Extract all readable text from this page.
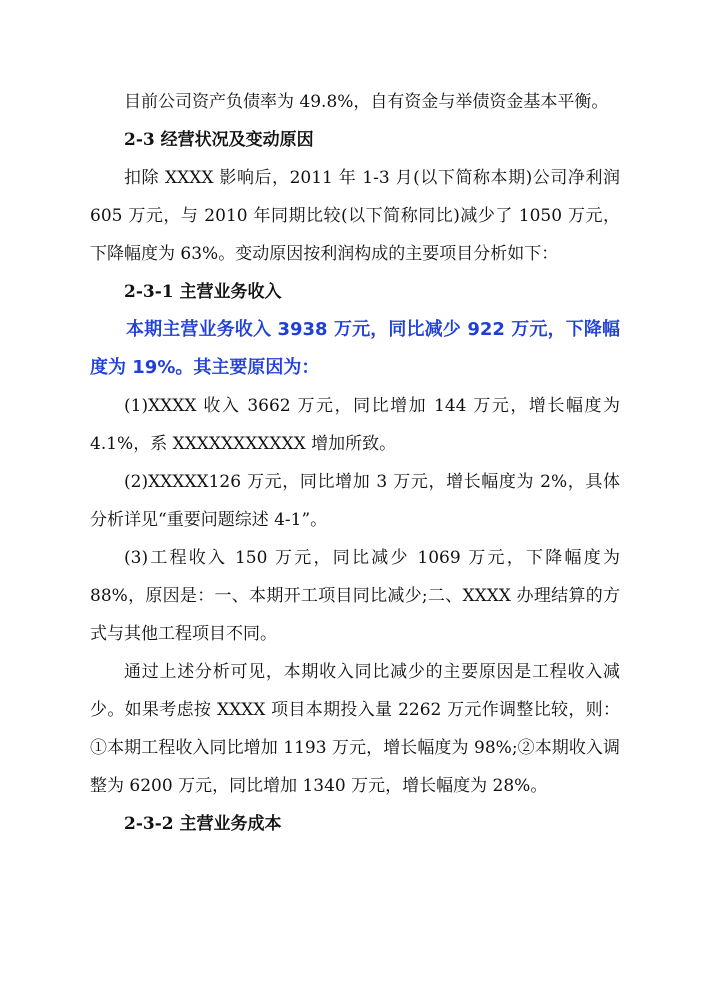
目前公司资产负债率为 49.8%，自有资金与举债资金基本平衡。

2-3 经营状况及变动原因

扣除 XXXX 影响后，2011 年 1-3 月(以下简称本期)公司净利润 605 万元，与 2010 年同期比较(以下简称同比)减少了 1050 万元，下降幅度为 63%。变动原因按利润构成的主要项目分析如下：

2-3-1 主营业务收入

本期主营业务收入 3938 万元，同比减少 922 万元，下降幅度为 19%。其主要原因为：

(1)XXXX 收入 3662 万元，同比增加 144 万元，增长幅度为 4.1%，系 XXXXXXXXXXX 增加所致。

(2)XXXXX126 万元，同比增加 3 万元，增长幅度为 2%，具体分析详见“重要问题综述 4-1”。

(3)工程收入 150 万元，同比减少 1069 万元，下降幅度为 88%，原因是：一、本期开工项目同比减少;二、XXXX 办理结算的方式与其他工程项目不同。

通过上述分析可见，本期收入同比减少的主要原因是工程收入减少。如果考虑按 XXXX 项目本期投入量 2262 万元作调整比较，则：①本期工程收入同比增加 1193 万元，增长幅度为 98%;②本期收入调整为 6200 万元，同比增加 1340 万元，增长幅度为 28%。

2-3-2 主营业务成本
